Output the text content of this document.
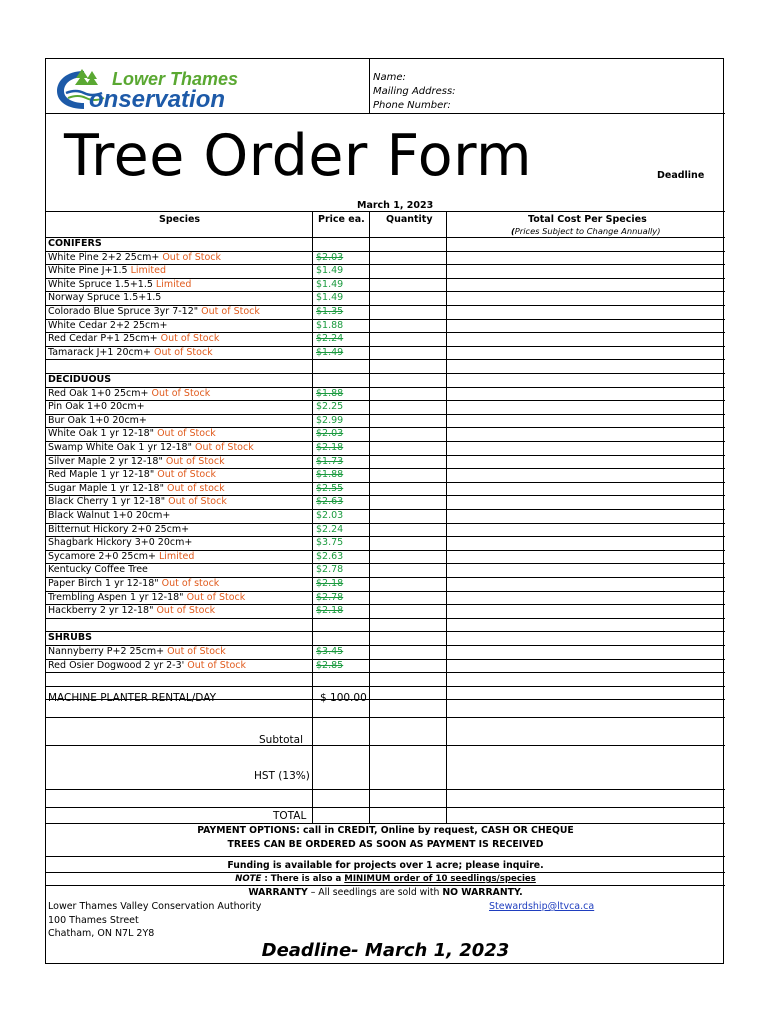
Lower Thames
onservation
Name:
Mailing Address:
Phone Number:
Tree Order Form	Deadline
March 1, 2023
Species	Price ea. Quantity	Total Cost Per Species
(Prices Subject to Change Annually)
CONIFERS
White Pine 2+2 25cm+ Out of Stock	$2.03
White Pine J+1.5 Limited	$1.49
White Spruce 1.5+1.5 Limited	$1.49
Norway Spruce 1.5+1.5	$1.49
Colorado Blue Spruce 3yr 7-12" Out of Stock	$1.35
White Cedar 2+2 25cm+	$1.88
Red Cedar P+1 25cm+ Out of Stock	$2.24
Tamarack J+1 20cm+ Out of Stock	$1.49
DECIDUOUS
Red Oak 1+0 25cm+ Out of Stock	$1.88
Pin Oak 1+0 20cm+	$2.25
Bur Oak 1+0 20cm+	$2.99
White Oak 1 yr 12-18" Out of Stock	$2.03
Swamp White Oak 1 yr 12-18" Out of Stock	$2.18
Silver Maple 2 yr 12-18" Out of Stock	$1.73
Red Maple 1 yr 12-18" Out of Stock	$1.88
Sugar Maple 1 yr 12-18" Out of stock	$2.55
Black Cherry 1 yr 12-18" Out of Stock	$2.63
Black Walnut 1+0 20cm+	$2.03
Bitternut Hickory 2+0 25cm+	$2.24
Shagbark Hickory 3+0 20cm+	$3.75
Sycamore 2+0 25cm+ Limited	$2.63
Kentucky Coffee Tree	$2.78
Paper Birch 1 yr 12-18" Out of stock	$2.18
Trembling Aspen 1 yr 12-18" Out of Stock	$2.78
Hackberry 2 yr 12-18" Out of Stock	$2.18
SHRUBS
Nannyberry P+2 25cm+ Out of Stock	$3.45
Red Osier Dogwood 2 yr 2-3' Out of Stock	$2.85
MACHINE PLANTER RENTAL/DAY	$ 100.00
Subtotal
HST (13%)
TOTAL
PAYMENT OPTIONS: call in CREDIT, Online by request, CASH OR CHEQUE
TREES CAN BE ORDERED AS SOON AS PAYMENT IS RECEIVED
Funding is available for projects over 1 acre; please inquire.
NOTE : There is also a MINIMUM order of 10 seedlings/species
WARRANTY – All seedlings are sold with NO WARRANTY.
Lower Thames Valley Conservation Authority
100 Thames Street
Chatham, ON N7L 2Y8
Stewardship@ltvca.ca
Deadline- March 1, 2023
